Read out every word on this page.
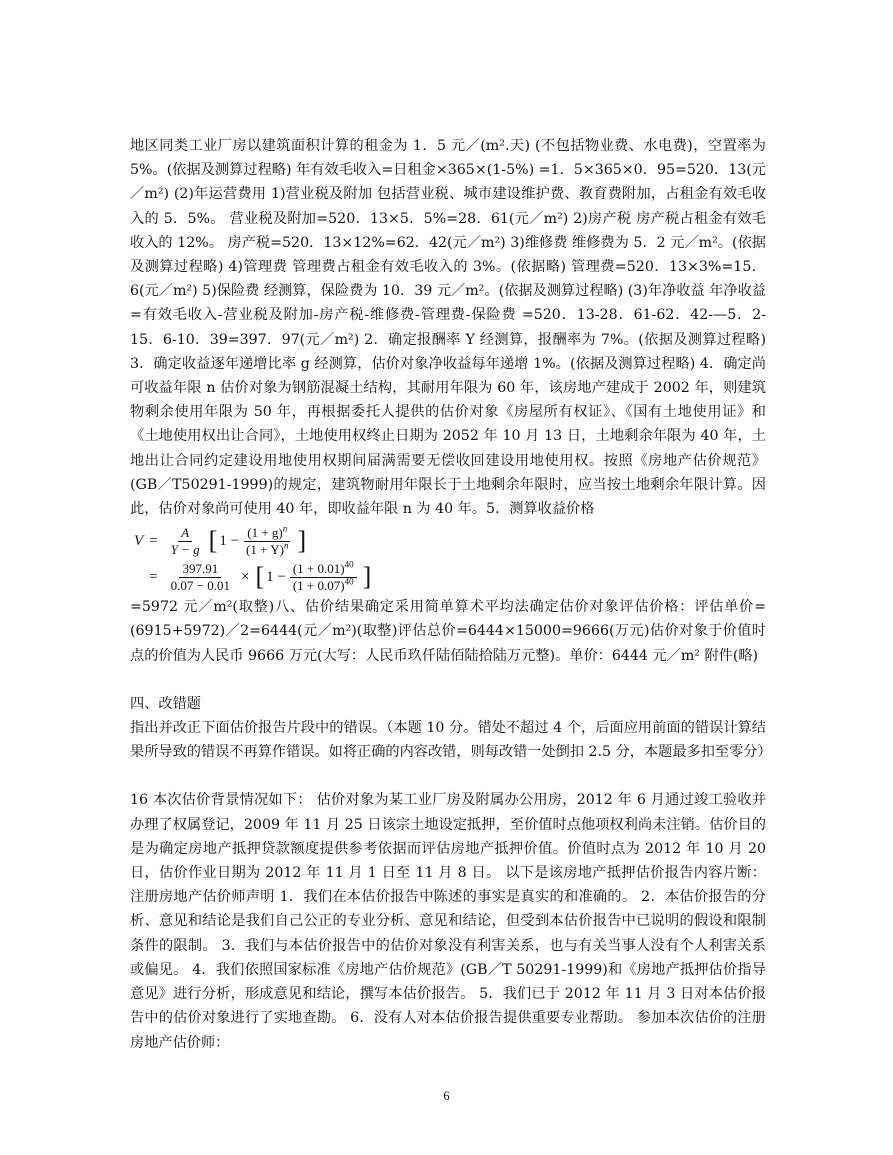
地区同类工业厂房以建筑面积计算的租金为 1．5 元／(m².天) (不包括物业费、水电费)，空置率为 5%。(依据及测算过程略) 年有效毛收入=日租金×365×(1-5%) =1．5×365×0．95=520．13(元／m²) (2)年运营费用 1)营业税及附加 包括营业税、城市建设维护费、教育费附加，占租金有效毛收入的 5．5%。 营业税及附加=520．13×5．5%=28．61(元／m²) 2)房产税 房产税占租金有效毛收入的 12%。 房产税=520．13×12%=62．42(元／m²) 3)维修费 维修费为 5．2 元／m²。(依据及测算过程略) 4)管理费 管理费占租金有效毛收入的 3%。(依据略) 管理费=520．13×3%=15．6(元／m²) 5)保险费 经测算，保险费为 10．39 元／m²。(依据及测算过程略) (3)年净收益 年净收益=有效毛收入-营业税及附加-房产税-维修费-管理费-保险费 =520．13-28．61-62．42-—5．2-15．6-10．39=397．97(元／m²) 2．确定报酬率 Y 经测算，报酬率为 7%。(依据及测算过程略) 3．确定收益逐年递增比率 g 经测算，估价对象净收益每年递增 1%。(依据及测算过程略) 4．确定尚可收益年限 n 估价对象为钢筋混凝土结构，其耐用年限为 60 年，该房地产建成于 2002 年，则建筑物剩余使用年限为 50 年，再根据委托人提供的估价对象《房屋所有权证》、《国有土地使用证》和《土地使用权出让合同》，土地使用权终止日期为 2052 年 10 月 13 日，土地剩余年限为 40 年，土地出让合同约定建设用地使用权期间届满需要无偿收回建设用地使用权。按照《房地产估价规范》(GB／T50291-1999)的规定，建筑物耐用年限长于土地剩余年限时，应当按土地剩余年限计算。因此，估价对象尚可使用 40 年，即收益年限 n 为 40 年。5．测算收益价格

$V = \frac{A}{Y - g}$ [ $1 - \frac{(1 + g)^n}{(1 + Y)^n}$ ]
= $\frac{397.91}{0.07 - 0.01}$ × [ $1 - \frac{(1 + 0.01)^{40}}{(1 + 0.07)^{40}}$ ]

=5972 元／m²(取整)八、估价结果确定采用简单算术平均法确定估价对象评估价格：评估单价=(6915+5972)／2=6444(元／m²)(取整)评估总价=6444×15000=9666(万元)估价对象于价值时点的价值为人民币 9666 万元(大写：人民币玖仟陆佰陆拾陆万元整)。单价：6444 元／m² 附件(略)

四、改错题

指出并改正下面估价报告片段中的错误。（本题 10 分。错处不超过 4 个，后面应用前面的错误计算结果所导致的错误不再算作错误。如将正确的内容改错，则每改错一处倒扣 2.5 分，本题最多扣至零分）

16 本次估价背景情况如下： 估价对象为某工业厂房及附属办公用房，2012 年 6 月通过竣工验收并办理了权属登记，2009 年 11 月 25 日该宗土地设定抵押，至价值时点他项权利尚未注销。估价目的是为确定房地产抵押贷款额度提供参考依据而评估房地产抵押价值。价值时点为 2012 年 10 月 20 日，估价作业日期为 2012 年 11 月 1 日至 11 月 8 日。 以下是该房地产抵押估价报告内容片断： 注册房地产估价师声明 1．我们在本估价报告中陈述的事实是真实的和准确的。 2．本估价报告的分析、意见和结论是我们自己公正的专业分析、意见和结论，但受到本估价报告中已说明的假设和限制条件的限制。 3．我们与本估价报告中的估价对象没有利害关系，也与有关当事人没有个人利害关系或偏见。 4．我们依照国家标准《房地产估价规范》(GB／T 50291-1999)和《房地产抵押估价指导意见》进行分析，形成意见和结论，撰写本估价报告。 5．我们已于 2012 年 11 月 3 日对本估价报告中的估价对象进行了实地查勘。 6．没有人对本估价报告提供重要专业帮助。 参加本次估价的注册房地产估价师：

6
